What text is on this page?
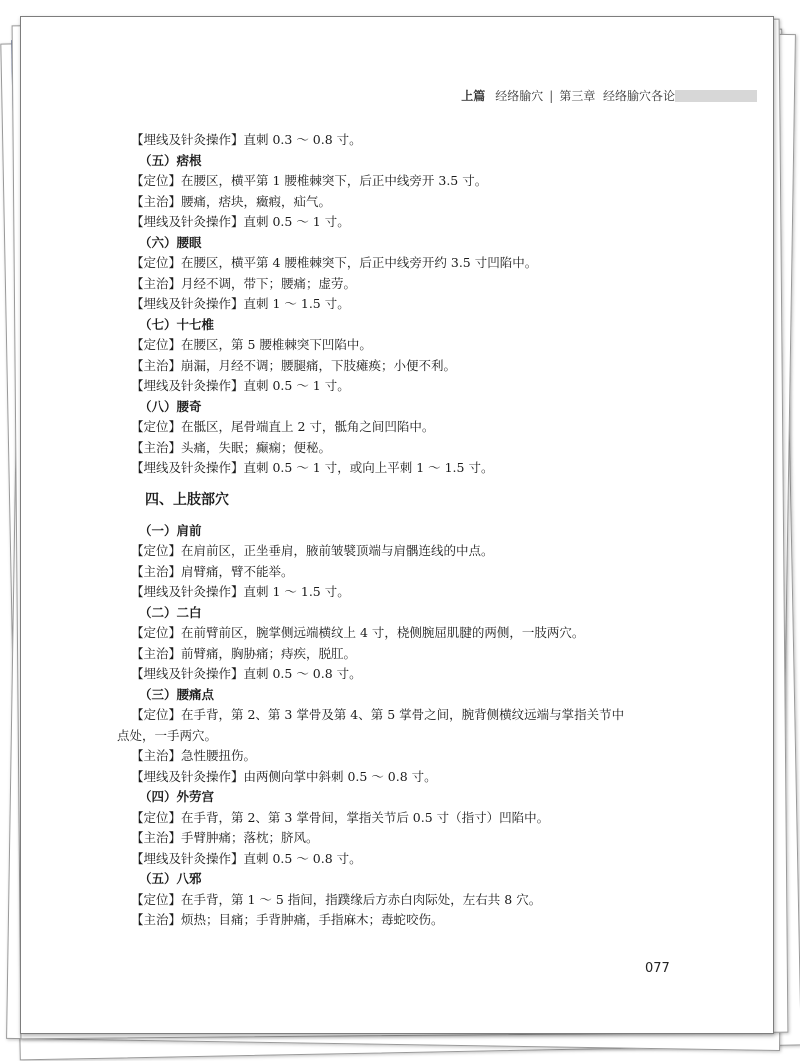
上篇 经络腧穴 | 第三章 经络腧穴各论
【埋线及针灸操作】直刺 0.3 ～ 0.8 寸。
（五）痞根
【定位】在腰区，横平第 1 腰椎棘突下，后正中线旁开 3.5 寸。
【主治】腰痛，痞块，癥瘕，疝气。
【埋线及针灸操作】直刺 0.5 ～ 1 寸。
（六）腰眼
【定位】在腰区，横平第 4 腰椎棘突下，后正中线旁开约 3.5 寸凹陷中。
【主治】月经不调，带下；腰痛；虚劳。
【埋线及针灸操作】直刺 1 ～ 1.5 寸。
（七）十七椎
【定位】在腰区，第 5 腰椎棘突下凹陷中。
【主治】崩漏，月经不调；腰腿痛，下肢瘫痪；小便不利。
【埋线及针灸操作】直刺 0.5 ～ 1 寸。
（八）腰奇
【定位】在骶区，尾骨端直上 2 寸，骶角之间凹陷中。
【主治】头痛，失眠；癫痫；便秘。
【埋线及针灸操作】直刺 0.5 ～ 1 寸，或向上平刺 1 ～ 1.5 寸。
四、上肢部穴
（一）肩前
【定位】在肩前区，正坐垂肩，腋前皱襞顶端与肩髃连线的中点。
【主治】肩臂痛，臂不能举。
【埋线及针灸操作】直刺 1 ～ 1.5 寸。
（二）二白
【定位】在前臂前区，腕掌侧远端横纹上 4 寸，桡侧腕屈肌腱的两侧，一肢两穴。
【主治】前臂痛，胸胁痛；痔疾，脱肛。
【埋线及针灸操作】直刺 0.5 ～ 0.8 寸。
（三）腰痛点
【定位】在手背，第 2、第 3 掌骨及第 4、第 5 掌骨之间，腕背侧横纹远端与掌指关节中
点处，一手两穴。
【主治】急性腰扭伤。
【埋线及针灸操作】由两侧向掌中斜刺 0.5 ～ 0.8 寸。
（四）外劳宫
【定位】在手背，第 2、第 3 掌骨间，掌指关节后 0.5 寸（指寸）凹陷中。
【主治】手臂肿痛；落枕；脐风。
【埋线及针灸操作】直刺 0.5 ～ 0.8 寸。
（五）八邪
【定位】在手背，第 1 ～ 5 指间，指蹼缘后方赤白肉际处，左右共 8 穴。
【主治】烦热；目痛；手背肿痛，手指麻木；毒蛇咬伤。
077
